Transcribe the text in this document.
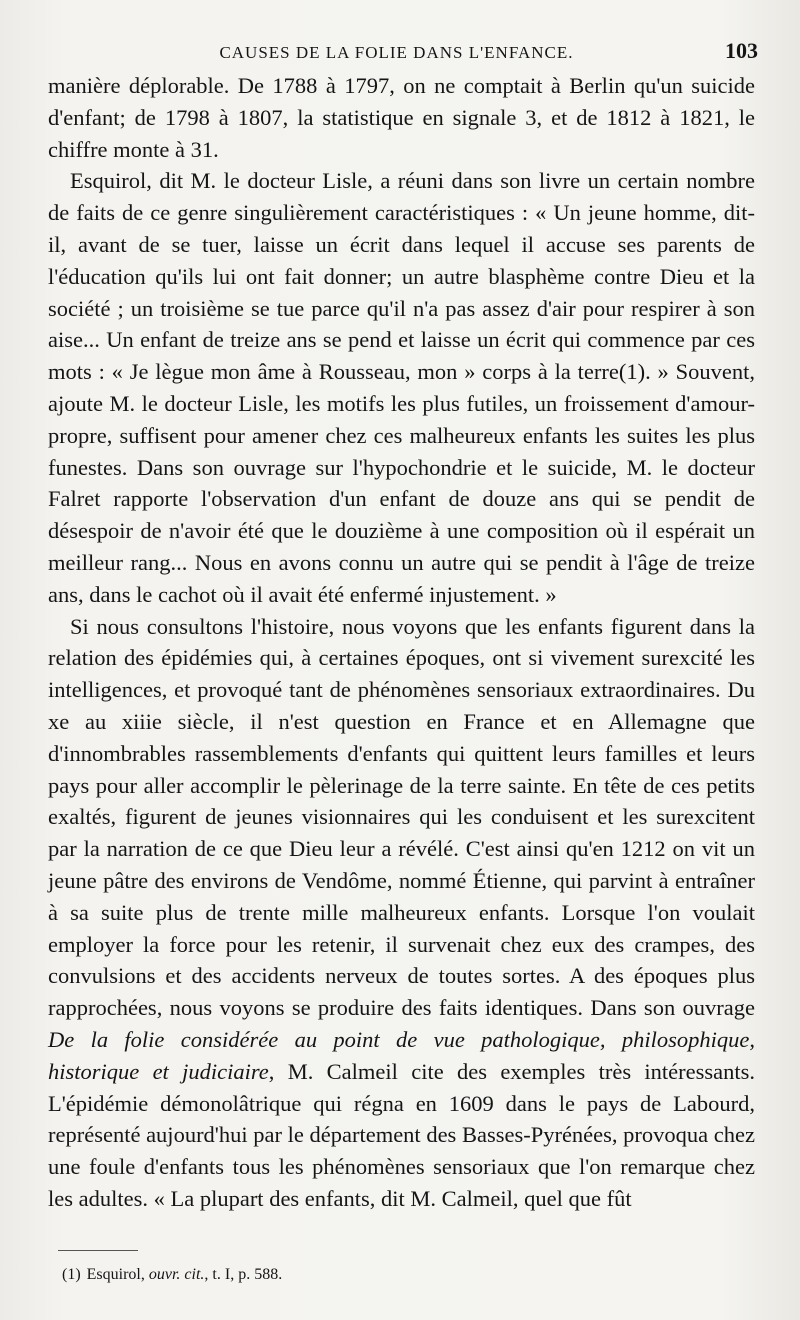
CAUSES DE LA FOLIE DANS L'ENFANCE.	103

manière déplorable. De 1788 à 1797, on ne comptait à Berlin qu'un suicide d'enfant; de 1798 à 1807, la statistique en signale 3, et de 1812 à 1821, le chiffre monte à 31.

Esquirol, dit M. le docteur Lisle, a réuni dans son livre un certain nombre de faits de ce genre singulièrement caractéristiques : « Un jeune homme, dit-il, avant de se tuer, laisse un écrit dans lequel il accuse ses parents de l'éducation qu'ils lui ont fait donner; un autre blasphème contre Dieu et la société ; un troisième se tue parce qu'il n'a pas assez d'air pour respirer à son aise... Un enfant de treize ans se pend et laisse un écrit qui commence par ces mots : « Je lègue mon âme à Rousseau, mon » corps à la terre(1). » Souvent, ajoute M. le docteur Lisle, les motifs les plus futiles, un froissement d'amour-propre, suffisent pour amener chez ces malheureux enfants les suites les plus funestes. Dans son ouvrage sur l'hypochondrie et le suicide, M. le docteur Falret rapporte l'observation d'un enfant de douze ans qui se pendit de désespoir de n'avoir été que le douzième à une composition où il espérait un meilleur rang... Nous en avons connu un autre qui se pendit à l'âge de treize ans, dans le cachot où il avait été enfermé injustement. »

Si nous consultons l'histoire, nous voyons que les enfants figurent dans la relation des épidémies qui, à certaines époques, ont si vivement surexcité les intelligences, et provoqué tant de phénomènes sensoriaux extraordinaires. Du xe au xiiie siècle, il n'est question en France et en Allemagne que d'innombrables rassemblements d'enfants qui quittent leurs familles et leurs pays pour aller accomplir le pèlerinage de la terre sainte. En tête de ces petits exaltés, figurent de jeunes visionnaires qui les conduisent et les surexcitent par la narration de ce que Dieu leur a révélé. C'est ainsi qu'en 1212 on vit un jeune pâtre des environs de Vendôme, nommé Étienne, qui parvint à entraîner à sa suite plus de trente mille malheureux enfants. Lorsque l'on voulait employer la force pour les retenir, il survenait chez eux des crampes, des convulsions et des accidents nerveux de toutes sortes. A des époques plus rapprochées, nous voyons se produire des faits identiques. Dans son ouvrage De la folie considérée au point de vue pathologique, philosophique, historique et judiciaire, M. Calmeil cite des exemples très intéressants. L'épidémie démonolâtrique qui régna en 1609 dans le pays de Labourd, représenté aujourd'hui par le département des Basses-Pyrénées, provoqua chez une foule d'enfants tous les phénomènes sensoriaux que l'on remarque chez les adultes. « La plupart des enfants, dit M. Calmeil, quel que fût

(1) Esquirol, ouvr. cit., t. I, p. 588.
